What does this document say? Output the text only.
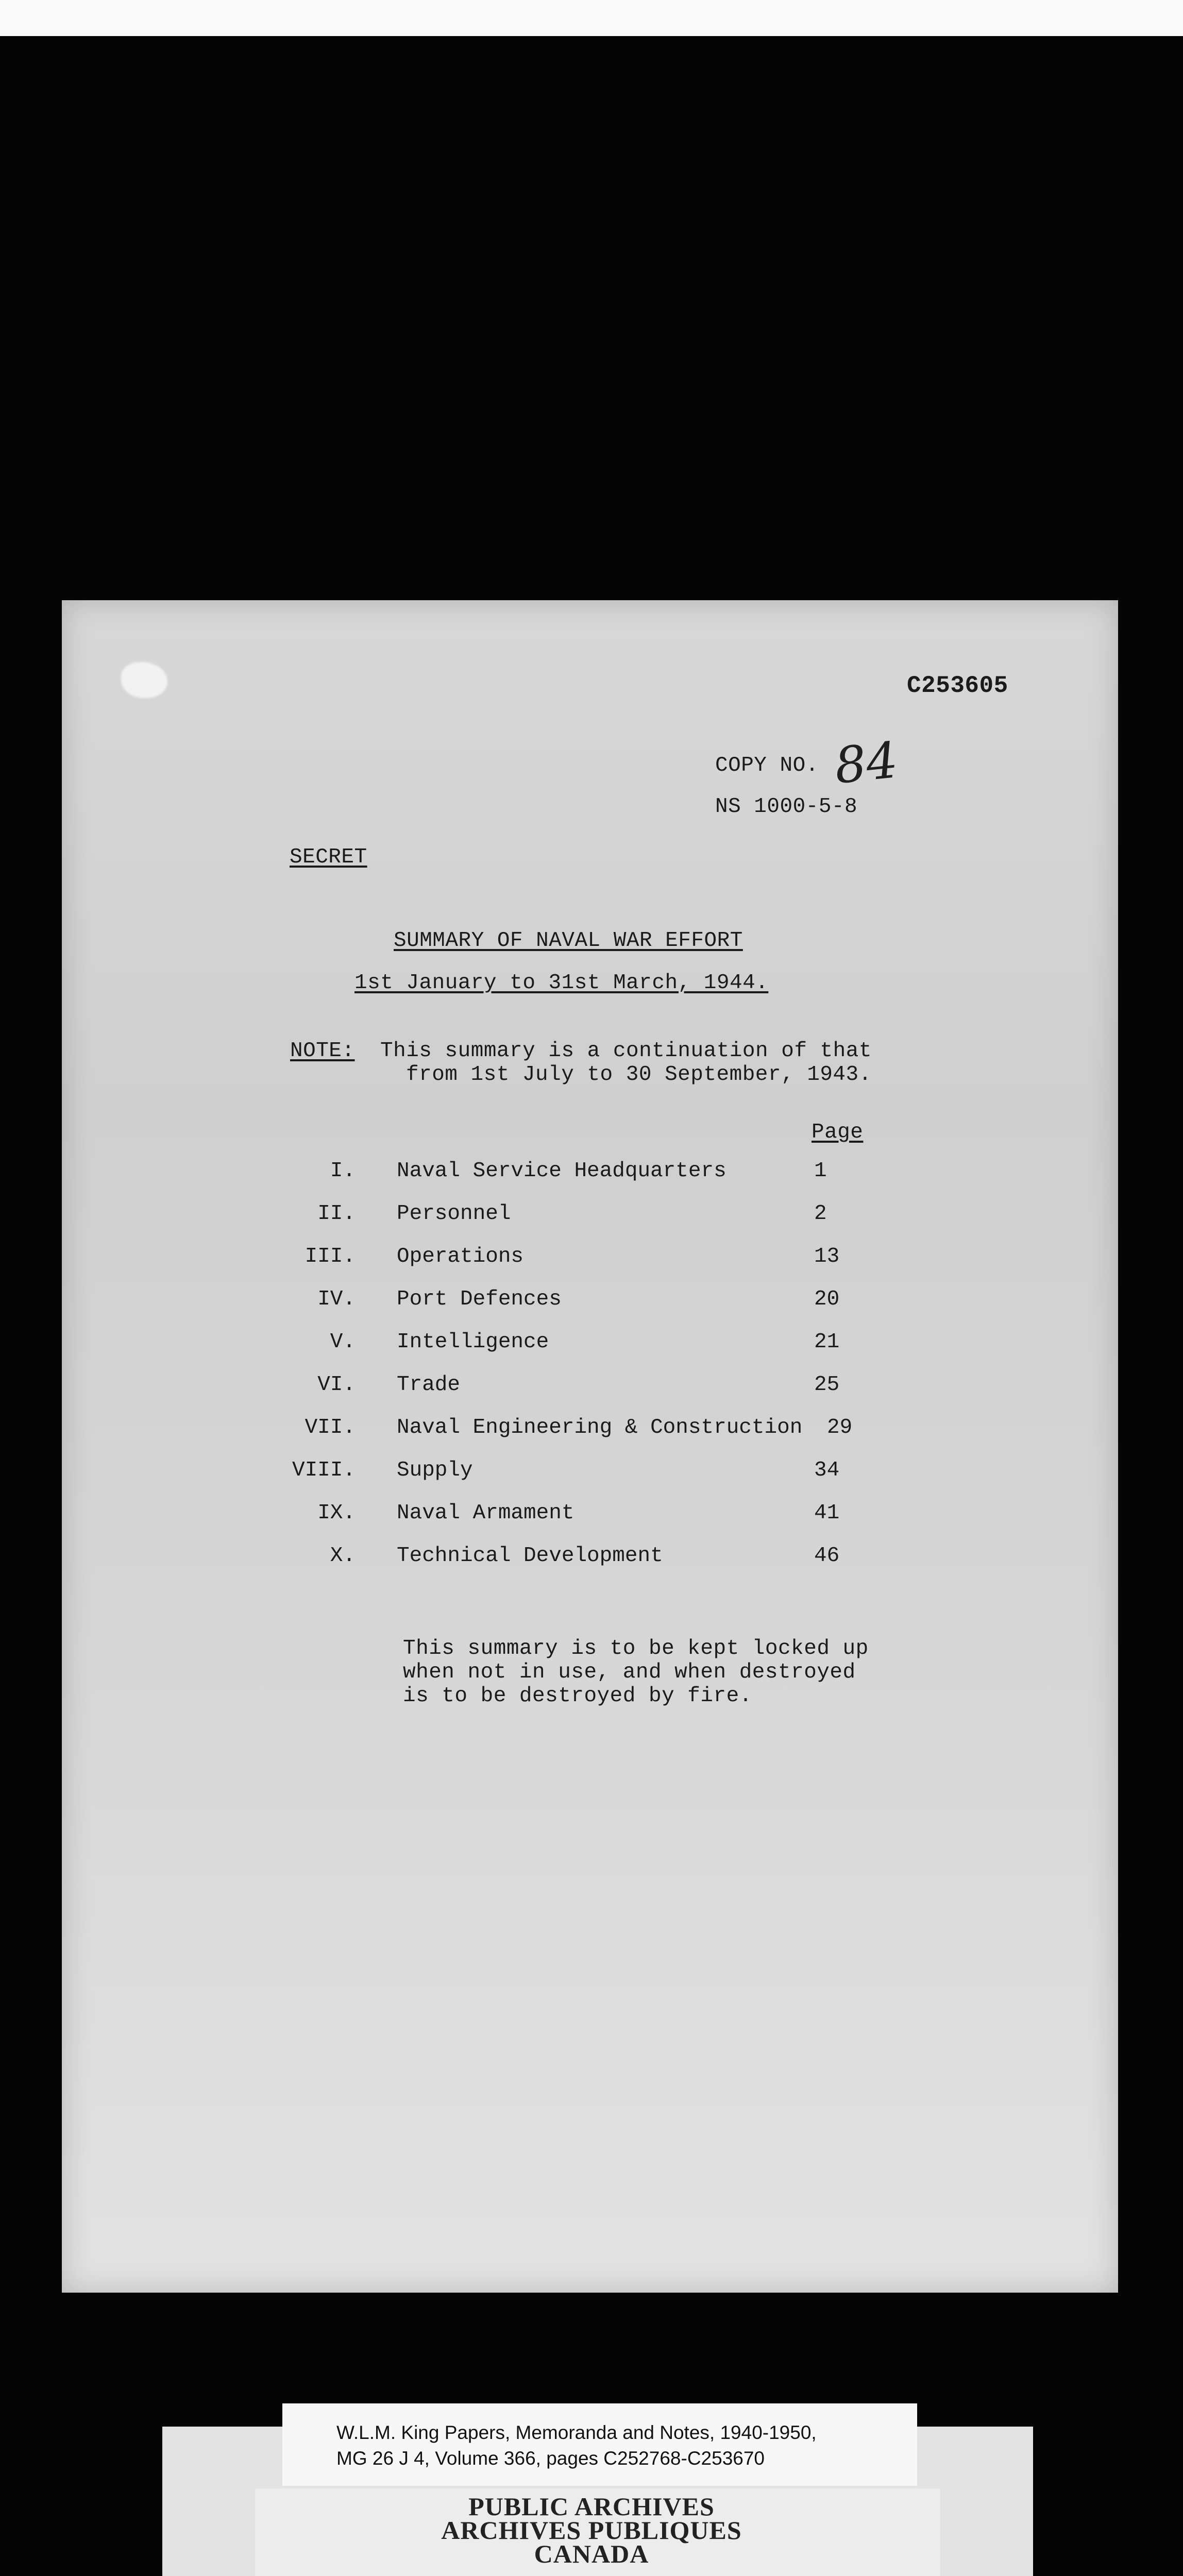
C253605
COPY NO. 84
NS 1000-5-8
SECRET
SUMMARY OF NAVAL WAR EFFORT
1st January to 31st March, 1944.
NOTE: This summary is a continuation of that
from 1st July to 30 September, 1943.
Page
I. Naval Service Headquarters	1
II. Personnel	2
III. Operations	13
IV. Port Defences	20
V. Intelligence	21
VI. Trade	25
VII. Naval Engineering & Construction 29
VIII. Supply	34
IX. Naval Armament	41
X. Technical Development	46
This summary is to be kept locked up
when not in use, and when destroyed
is to be destroyed by fire.
W.L.M. King Papers, Memoranda and Notes, 1940-1950,
MG 26 J 4, Volume 366, pages C252768-C253670
PUBLIC ARCHIVES
ARCHIVES PUBLIQUES
CANADA
